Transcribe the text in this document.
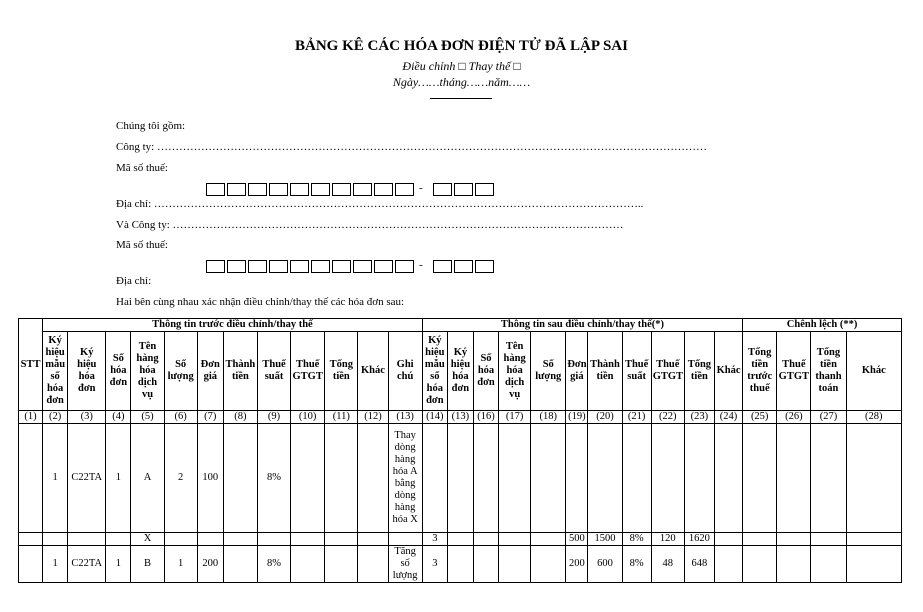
BẢNG KÊ CÁC HÓA ĐƠN ĐIỆN TỬ ĐÃ LẬP SAI
Điều chỉnh □ Thay thế □
Ngày……tháng……năm……
Chúng tôi gồm:
Công ty: ……………………………………………………………………………………………………………………………………
Mã số thuế:
-
Địa chỉ: ……………………………………………………………………………………………………………………..
Và Công ty: ……………………………………………………………………………………………………………
Mã số thuế:
-
Địa chỉ:
Hai bên cùng nhau xác nhận điều chỉnh/thay thế các hóa đơn sau:
STT	Thông tin trước điều chỉnh/thay thế												Thông tin sau điều chỉnh/thay thế(*)											Chênh lệch (**)			
	Ký hiệu mẫu số hóa đơn	Ký hiệu hóa đơn	Số hóa đơn	Tên hàng hóa dịch vụ	Số lượng	Đơn giá	Thành tiền	Thuế suất	Thuế GTGT	Tổng tiền	Khác	Ghi chú	Ký hiệu mẫu số hóa đơn	Ký hiệu hóa đơn	Số hóa đơn	Tên hàng hóa dịch vụ	Số lượng	Đơn giá	Thành tiền	Thuế suất	Thuế GTGT	Tổng tiền	Khác	Tổng tiền trước thuế	Thuế GTGT	Tổng tiền thanh toán	Khác
(1)	(2)	(3)	(4)	(5)	(6)	(7)	(8)	(9)	(10)	(11)	(12)	(13)	(14)	(13)	(16)	(17)	(18)	(19)	(20)	(21)	(22)	(23)	(24)	(25)	(26)	(27)	(28)
	1	C22TA	1	A	2	100		8%				Thay dòng hàng hóa A bằng dòng hàng hóa X															
				X									3					500	1500	8%	120	1620					
	1	C22TA	1	B	1	200		8%				Tăng số lượng	3					200	600	8%	48	648					
